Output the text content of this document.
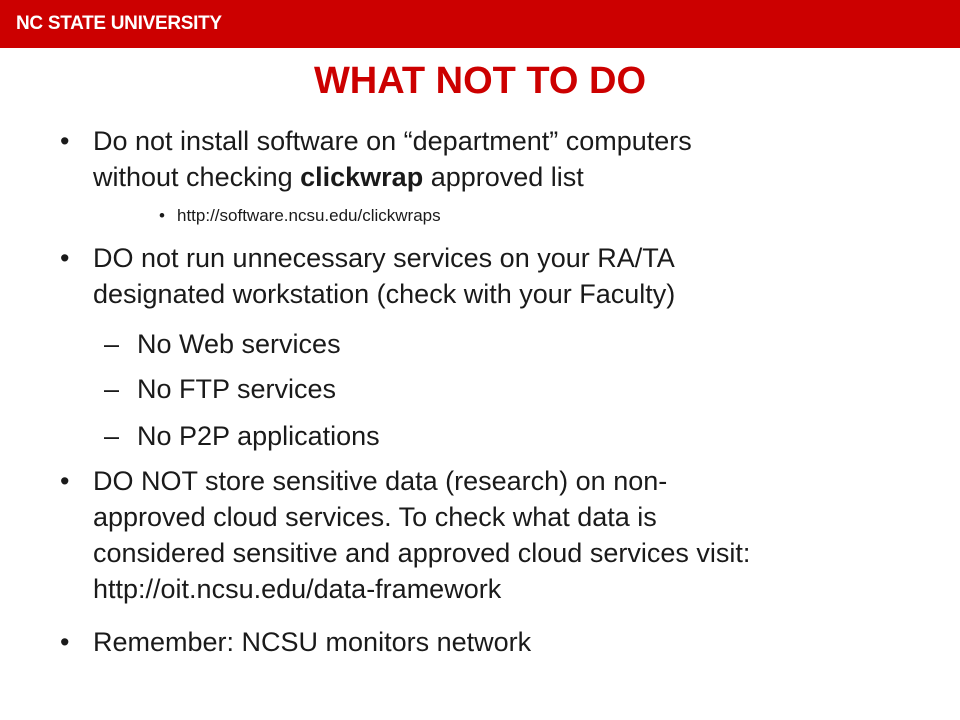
NC STATE UNIVERSITY
WHAT NOT TO DO
• Do not install software on “department” computers
without checking clickwrap approved list
• http://software.ncsu.edu/clickwraps
• DO not run unnecessary services on your RA/TA
designated workstation (check with your Faculty)
– No Web services
– No FTP services
– No P2P applications
• DO NOT store sensitive data (research) on non-
approved cloud services. To check what data is
considered sensitive and approved cloud services visit:
http://oit.ncsu.edu/data-framework
• Remember: NCSU monitors network
